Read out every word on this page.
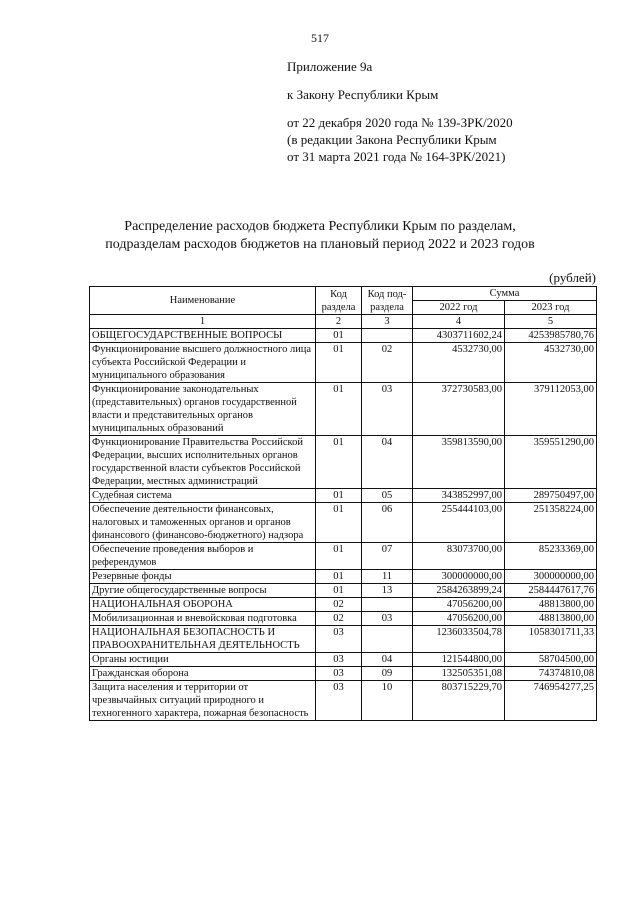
517
Приложение 9а
к Закону Республики Крым
от 22 декабря 2020 года № 139-ЗРК/2020
(в редакции Закона Республики Крым
от 31 марта 2021 года № 164-ЗРК/2021)
Распределение расходов бюджета Республики Крым по разделам,
подразделам расходов бюджетов на плановый период 2022 и 2023 годов
(рублей)
Наименование	Код раздела	Код под-раздела	Сумма	
			2022 год	2023 год
1	2	3	4	5
ОБЩЕГОСУДАРСТВЕННЫЕ ВОПРОСЫ	01		4303711602,24	4253985780,76
Функционирование высшего должностного лица субъекта Российской Федерации и муниципального образования	01	02	4532730,00	4532730,00
Функционирование законодательных (представительных) органов государственной власти и представительных органов муниципальных образований	01	03	372730583,00	379112053,00
Функционирование Правительства Российской Федерации, высших исполнительных органов государственной власти субъектов Российской Федерации, местных администраций	01	04	359813590,00	359551290,00
Судебная система	01	05	343852997,00	289750497,00
Обеспечение деятельности финансовых, налоговых и таможенных органов и органов финансового (финансово-бюджетного) надзора	01	06	255444103,00	251358224,00
Обеспечение проведения выборов и референдумов	01	07	83073700,00	85233369,00
Резервные фонды	01	11	300000000,00	300000000,00
Другие общегосударственные вопросы	01	13	2584263899,24	2584447617,76
НАЦИОНАЛЬНАЯ ОБОРОНА	02		47056200,00	48813800,00
Мобилизационная и вневойсковая подготовка	02	03	47056200,00	48813800,00
НАЦИОНАЛЬНАЯ БЕЗОПАСНОСТЬ И ПРАВООХРАНИТЕЛЬНАЯ ДЕЯТЕЛЬНОСТЬ	03		1236033504,78	1058301711,33
Органы юстиции	03	04	121544800,00	58704500,00
Гражданская оборона	03	09	132505351,08	74374810,08
Защита населения и территории от чрезвычайных ситуаций природного и техногенного характера, пожарная безопасность	03	10	803715229,70	746954277,25
